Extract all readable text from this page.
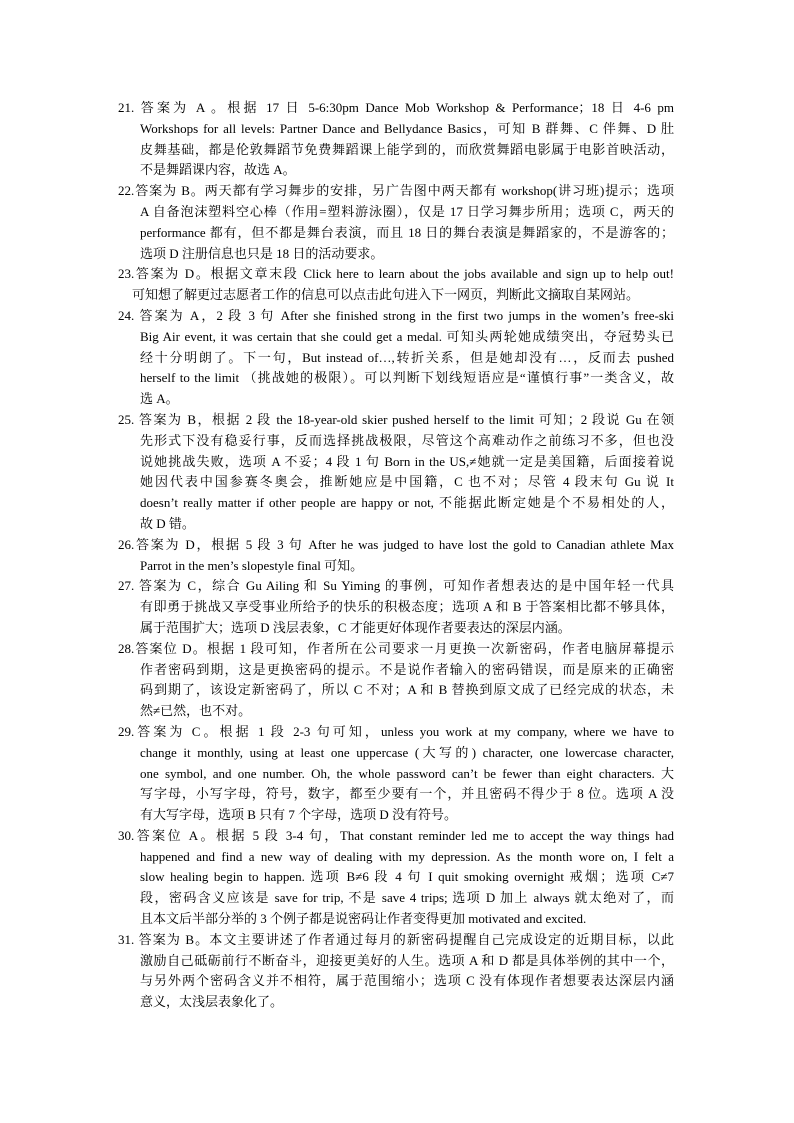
21. 答案为 A 。根据 17 日 5-6:30pm Dance Mob Workshop & Performance；18 日 4-6 pm
Workshops for all levels: Partner Dance and Bellydance Basics，可知 B 群舞、C 伴舞、D 肚
皮舞基础，都是伦敦舞蹈节免费舞蹈课上能学到的，而欣赏舞蹈电影属于电影首映活动，
不是舞蹈课内容，故选 A。
22.答案为 B。两天都有学习舞步的安排，另广告图中两天都有 workshop(讲习班)提示；选项
A 自备泡沫塑料空心棒（作用=塑料游泳圈），仅是 17 日学习舞步所用；选项 C，两天的
performance 都有，但不都是舞台表演，而且 18 日的舞台表演是舞蹈家的，不是游客的；
选项 D 注册信息也只是 18 日的活动要求。
23.答案为 D。根据文章末段 Click here to learn about the jobs available and sign up to help out!
可知想了解更过志愿者工作的信息可以点击此句进入下一网页，判断此文摘取自某网站。
24. 答案为 A，2 段 3 句 After she finished strong in the first two jumps in the women’s free-ski
Big Air event, it was certain that she could get a medal. 可知头两轮她成绩突出，夺冠势头已
经十分明朗了。下一句，But instead of…,转折关系，但是她却没有…，反而去 pushed
herself to the limit （挑战她的极限）。可以判断下划线短语应是“谨慎行事”一类含义，故
选 A。
25. 答案为 B，根据 2 段 the 18-year-old skier pushed herself to the limit 可知；2 段说 Gu 在领
先形式下没有稳妥行事，反而选择挑战极限，尽管这个高难动作之前练习不多，但也没
说她挑战失败，选项 A 不妥；4 段 1 句 Born in the US,≠她就一定是美国籍，后面接着说
她因代表中国参赛冬奥会，推断她应是中国籍，C 也不对；尽管 4 段末句 Gu 说 It
doesn’t really matter if other people are happy or not, 不能据此断定她是个不易相处的人，
故 D 错。
26.答案为 D，根据 5 段 3 句 After he was judged to have lost the gold to Canadian athlete Max
Parrot in the men’s slopestyle final 可知。
27. 答案为 C，综合 Gu Ailing 和 Su Yiming 的事例，可知作者想表达的是中国年轻一代具
有即勇于挑战又享受事业所给予的快乐的积极态度；选项 A 和 B 于答案相比都不够具体，
属于范围扩大；选项 D 浅层表象，C 才能更好体现作者要表达的深层内涵。
28.答案位 D。根据 1 段可知，作者所在公司要求一月更换一次新密码，作者电脑屏幕提示
作者密码到期，这是更换密码的提示。不是说作者输入的密码错误，而是原来的正确密
码到期了，该设定新密码了，所以 C 不对；A 和 B 替换到原文成了已经完成的状态，未
然≠已然，也不对。
29.答案为 C。根据 1 段 2-3 句可知，unless you work at my company, where we have to
change it monthly, using at least one uppercase (大写的) character, one lowercase character,
one symbol, and one number. Oh, the whole password can’t be fewer than eight characters. 大
写字母，小写字母，符号，数字，都至少要有一个，并且密码不得少于 8 位。选项 A 没
有大写字母，选项 B 只有 7 个字母，选项 D 没有符号。
30.答案位 A。根据 5 段 3-4 句，That constant reminder led me to accept the way things had
happened and find a new way of dealing with my depression. As the month wore on, I felt a
slow healing begin to happen. 选项 B≠6 段 4 句 I quit smoking overnight 戒烟；选项 C≠7
段，密码含义应该是 save for trip, 不是 save 4 trips; 选项 D 加上 always 就太绝对了，而
且本文后半部分举的 3 个例子都是说密码让作者变得更加 motivated and excited.
31. 答案为 B。本文主要讲述了作者通过每月的新密码提醒自己完成设定的近期目标，以此
激励自己砥砺前行不断奋斗，迎接更美好的人生。选项 A 和 D 都是具体举例的其中一个，
与另外两个密码含义并不相符，属于范围缩小；选项 C 没有体现作者想要表达深层内涵
意义，太浅层表象化了。
